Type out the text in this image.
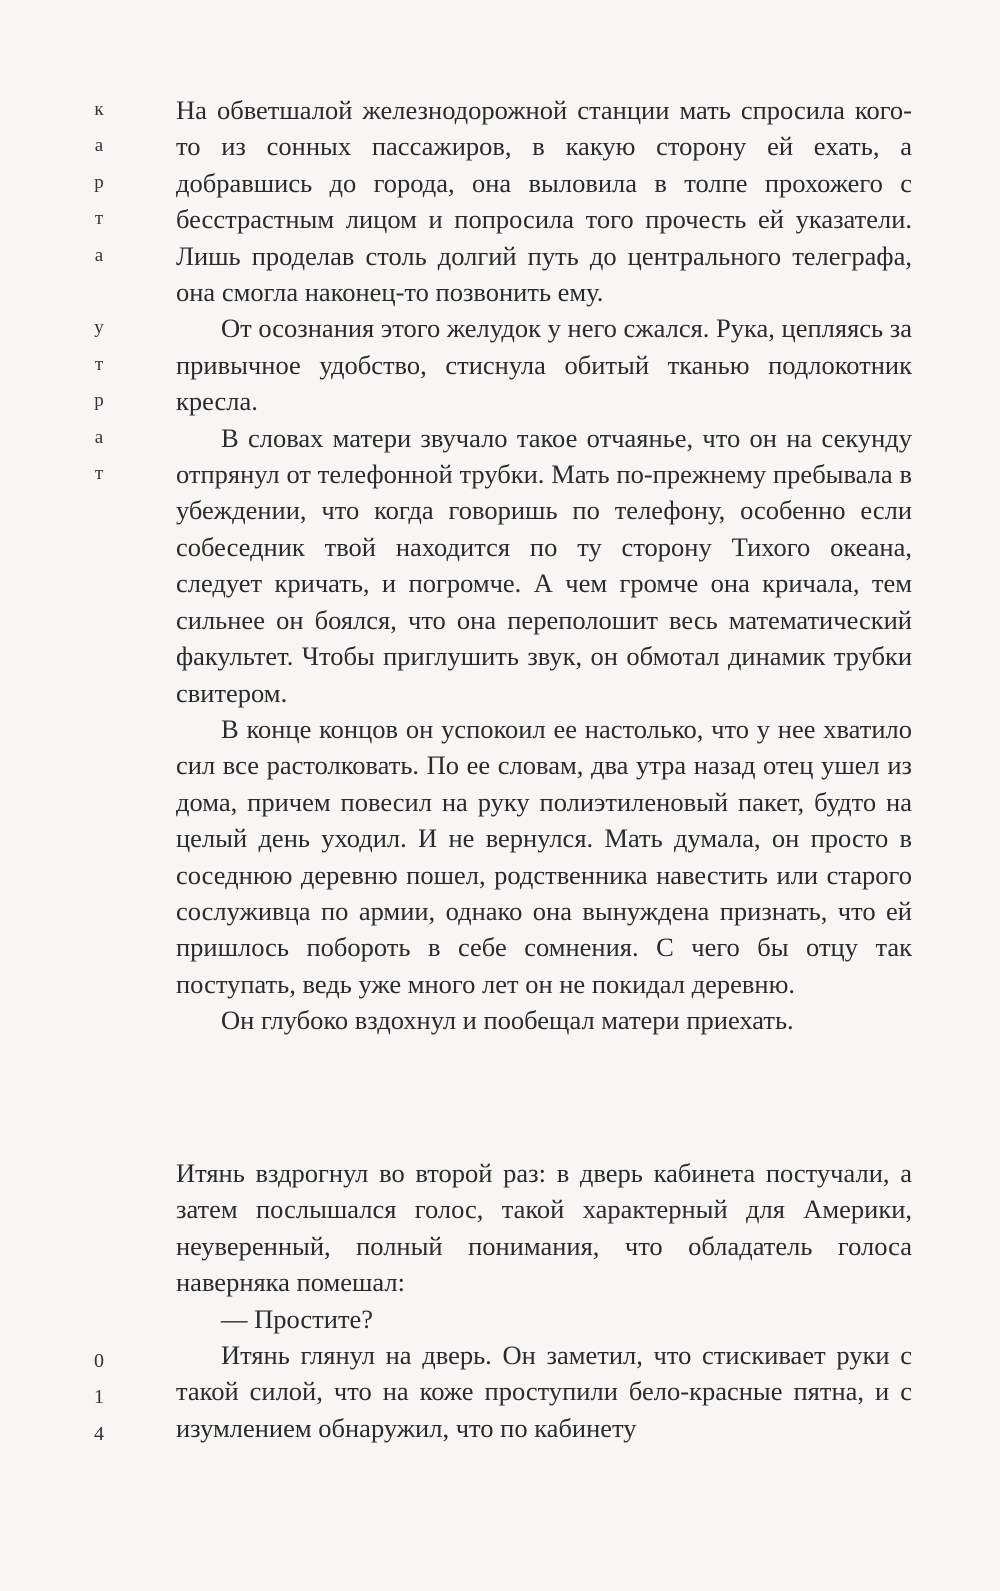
к
а
р
т
а
у
т
р
а
т

На обветшалой железнодорожной станции мать спросила кого-то из сонных пассажиров, в какую сторону ей ехать, а добравшись до города, она выловила в толпе прохожего с бесстрастным лицом и попросила того прочесть ей указатели. Лишь проделав столь долгий путь до центрального телеграфа, она смогла наконец-то позвонить ему.

От осознания этого желудок у него сжался. Рука, цепляясь за привычное удобство, стиснула обитый тканью подлокотник кресла.

В словах матери звучало такое отчаянье, что он на секунду отпрянул от телефонной трубки. Мать по-прежнему пребывала в убеждении, что когда говоришь по телефону, особенно если собеседник твой находится по ту сторону Тихого океана, следует кричать, и погромче. А чем громче она кричала, тем сильнее он боялся, что она переполошит весь математический факультет. Чтобы приглушить звук, он обмотал динамик трубки свитером.

В конце концов он успокоил ее настолько, что у нее хватило сил все растолковать. По ее словам, два утра назад отец ушел из дома, причем повесил на руку полиэтиленовый пакет, будто на целый день уходил. И не вернулся. Мать думала, он просто в соседнюю деревню пошел, родственника навестить или старого сослуживца по армии, однако она вынуждена признать, что ей пришлось побороть в себе сомнения. С чего бы отцу так поступать, ведь уже много лет он не покидал деревню.

Он глубоко вздохнул и пообещал матери приехать.

Итянь вздрогнул во второй раз: в дверь кабинета постучали, а затем послышался голос, такой характерный для Америки, неуверенный, полный понимания, что обладатель голоса наверняка помешал:

— Простите?

Итянь глянул на дверь. Он заметил, что стискивает руки с такой силой, что на коже проступили бело-красные пятна, и с изумлением обнаружил, что по кабинету

0
1
4
